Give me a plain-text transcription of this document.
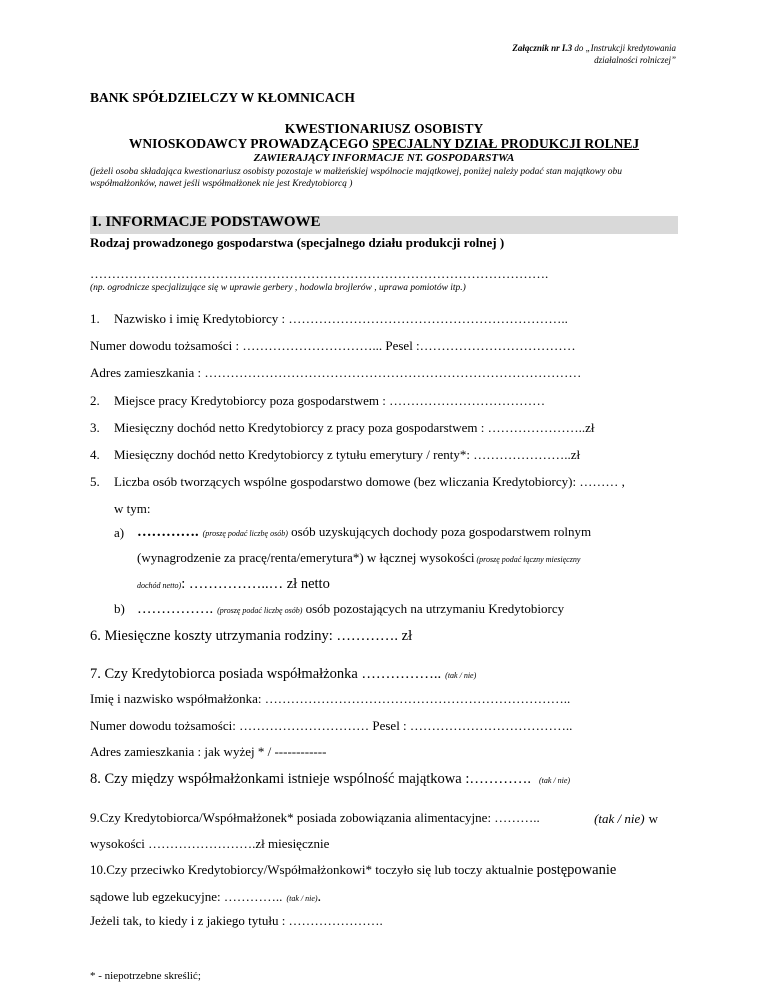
Załącznik nr I.3 do „Instrukcji kredytowania
działalności rolniczej”
BANK SPÓŁDZIELCZY W KŁOMNICACH
KWESTIONARIUSZ OSOBISTY
WNIOSKODAWCY PROWADZĄCEGO SPECJALNY DZIAŁ PRODUKCJI ROLNEJ
ZAWIERAJĄCY INFORMACJE NT. GOSPODARSTWA
(jeżeli osoba składająca kwestionariusz osobisty pozostaje w małżeńskiej wspólnocie majątkowej, poniżej należy podać stan majątkowy obu współmałżonków, nawet jeśli współmałżonek nie jest Kredytobiorcą )
I. INFORMACJE PODSTAWOWE
Rodzaj prowadzonego gospodarstwa (specjalnego działu produkcji rolnej )
…………………………………………………………………………………………….
(np. ogrodnicze specjalizujące się w uprawie gerbery , hodowla brojlerów , uprawa pomiotów itp.)
1. Nazwisko i imię Kredytobiorcy : ………………………………………………………..
Numer dowodu tożsamości : …………………………... Pesel :………………………………
Adres zamieszkania : ……………………………………………………………………………
2. Miejsce pracy Kredytobiorcy poza gospodarstwem : ………………………………
3. Miesięczny dochód netto Kredytobiorcy z pracy poza gospodarstwem : …………………..zł
4. Miesięczny dochód netto Kredytobiorcy z tytułu emerytury / renty*: …………………..zł
5. Liczba osób tworzących wspólne gospodarstwo domowe (bez wliczania Kredytobiorcy): ……… ,
w tym:
a) …………. (proszę podać liczbę osób) osób uzyskujących dochody poza gospodarstwem rolnym
(wynagrodzenie za pracę/renta/emerytura*) w łącznej wysokości (proszę podać łączny miesięczny
dochód netto): ……………..… zł netto
b) ……………. (proszę podać liczbę osób) osób pozostających na utrzymaniu Kredytobiorcy
6. Miesięczne koszty utrzymania rodziny: …………. zł
7. Czy Kredytobiorca posiada współmałżonka …………….. (tak / nie)
Imię i nazwisko współmałżonka: ……………………………………………………………..
Numer dowodu tożsamości: ………………………… Pesel : ………………………………..
Adres zamieszkania : jak wyżej * / ------------
8. Czy między współmałżonkami istnieje wspólność majątkowa :…………. (tak / nie)
9.Czy Kredytobiorca/Współmałżonek* posiada zobowiązania alimentacyjne: ………..	(tak / nie) w
wysokości …………………….zł miesięcznie
10.Czy przeciwko Kredytobiorcy/Współmałżonkowi* toczyło się lub toczy aktualnie postępowanie
sądowe lub egzekucyjne: ………….. (tak / nie).
Jeżeli tak, to kiedy i z jakiego tytułu : ………………….
* - niepotrzebne skreślić;
